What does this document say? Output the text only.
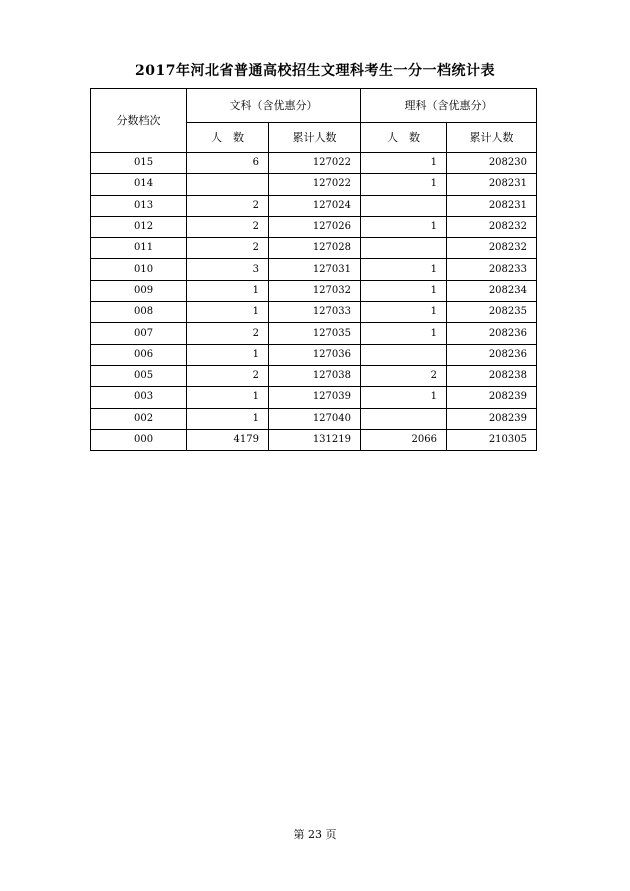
2017年河北省普通高校招生文理科考生一分一档统计表
分数档次	文科（含优惠分）		理科（含优惠分）	
	人　数	累计人数	人　数	累计人数
015	6	127022	1	208230
014		127022	1	208231
013	2	127024		208231
012	2	127026	1	208232
011	2	127028		208232
010	3	127031	1	208233
009	1	127032	1	208234
008	1	127033	1	208235
007	2	127035	1	208236
006	1	127036		208236
005	2	127038	2	208238
003	1	127039	1	208239
002	1	127040		208239
000	4179	131219	2066	210305
第 23 页
